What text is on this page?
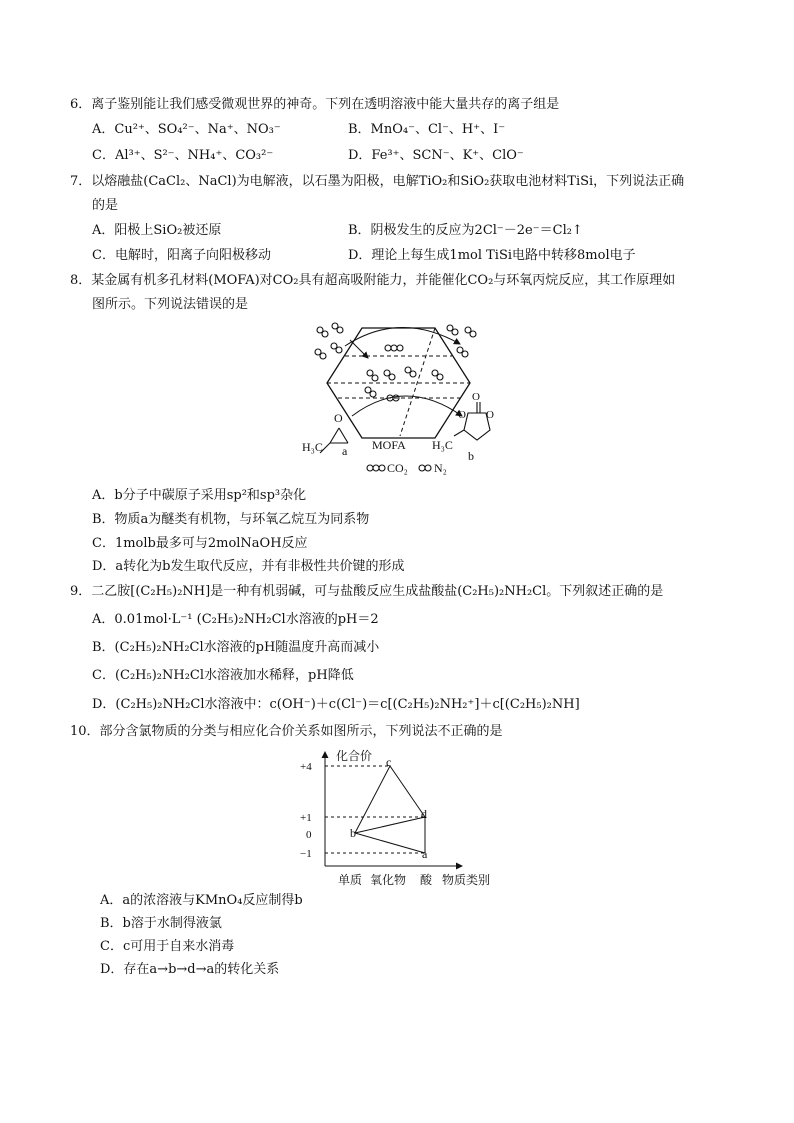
6．离子鉴别能让我们感受微观世界的神奇。下列在透明溶液中能大量共存的离子组是
A．Cu²⁺、SO₄²⁻、Na⁺、NO₃⁻	B．MnO₄⁻、Cl⁻、H⁺、I⁻
C．Al³⁺、S²⁻、NH₄⁺、CO₃²⁻	D．Fe³⁺、SCN⁻、K⁺、ClO⁻
7．以熔融盐(CaCl₂、NaCl)为电解液，以石墨为阳极，电解TiO₂和SiO₂获取电池材料TiSi，下列说法正确
的是
A．阳极上SiO₂被还原	B．阴极发生的反应为2Cl⁻－2e⁻＝Cl₂↑
C．电解时，阳离子向阳极移动	D．理论上每生成1mol TiSi电路中转移8mol电子
8．某金属有机多孔材料(MOFA)对CO₂具有超高吸附能力，并能催化CO₂与环氧丙烷反应，其工作原理如
图所示。下列说法错误的是
O
H₃C a MOFA
O
O O
H₃C
b
CO₂ N₂
A．b分子中碳原子采用sp²和sp³杂化
B．物质a为醚类有机物，与环氧乙烷互为同系物
C．1molb最多可与2molNaOH反应
D．a转化为b发生取代反应，并有非极性共价键的形成
9．二乙胺[(C₂H₅)₂NH]是一种有机弱碱，可与盐酸反应生成盐酸盐(C₂H₅)₂NH₂Cl。下列叙述正确的是
A．0.01mol·L⁻¹ (C₂H₅)₂NH₂Cl水溶液的pH＝2
B．(C₂H₅)₂NH₂Cl水溶液的pH随温度升高而减小
C．(C₂H₅)₂NH₂Cl水溶液加水稀释，pH降低
D．(C₂H₅)₂NH₂Cl水溶液中：c(OH⁻)＋c(Cl⁻)＝c[(C₂H₅)₂NH₂⁺]＋c[(C₂H₅)₂NH]
10．部分含氯物质的分类与相应化合价关系如图所示，下列说法不正确的是
化合价
+4
+1
0
−1
c
b
d
a
单质 氧化物 酸 物质类别
A．a的浓溶液与KMnO₄反应制得b
B．b溶于水制得液氯
C．c可用于自来水消毒
D．存在a→b→d→a的转化关系
